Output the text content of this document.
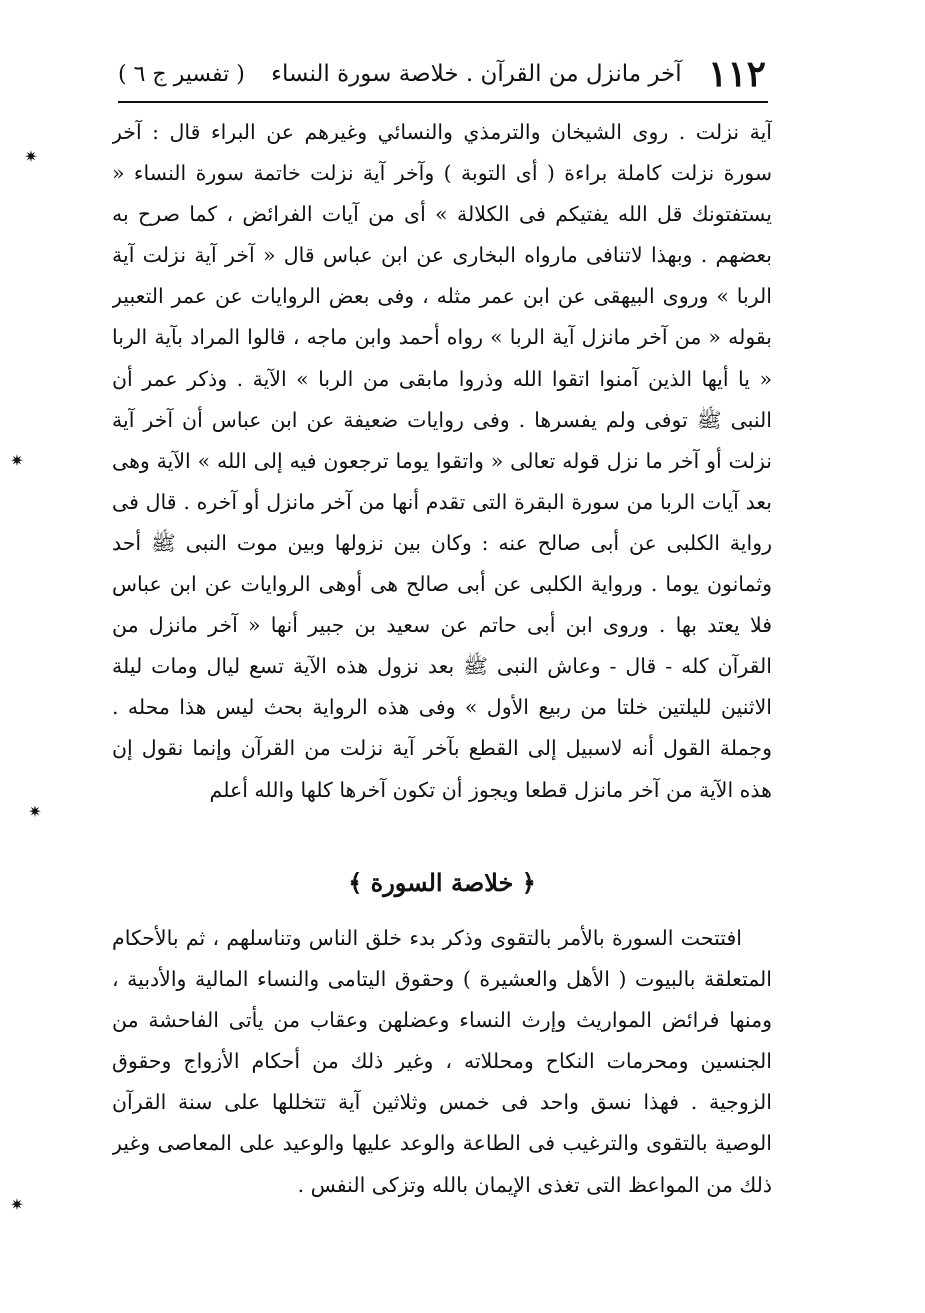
١١٢
آخر مانزل من القرآن . خلاصة سورة النساء
( تفسير ج ٦ )

آية نزلت . روى الشيخان والترمذي والنسائي وغيرهم عن البراء قال : آخر سورة نزلت كاملة براءة ( أى التوبة ) وآخر آية نزلت خاتمة سورة النساء « يستفتونك قل الله يفتيكم فى الكلالة » أى من آيات الفرائض ، كما صرح به بعضهم . وبهذا لاتنافى مارواه البخارى عن ابن عباس قال « آخر آية نزلت آية الربا » وروى البيهقى عن ابن عمر مثله ، وفى بعض الروايات عن عمر التعبير بقوله « من آخر مانزل آية الربا » رواه أحمد وابن ماجه ، قالوا المراد بآية الربا « يا أيها الذين آمنوا اتقوا الله وذروا مابقى من الربا » الآية . وذكر عمر أن النبى ﷺ توفى ولم يفسرها . وفى روايات ضعيفة عن ابن عباس أن آخر آية نزلت أو آخر ما نزل قوله تعالى « واتقوا يوما ترجعون فيه إلى الله » الآية وهى بعد آيات الربا من سورة البقرة التى تقدم أنها من آخر مانزل أو آخره . قال فى رواية الكلبى عن أبى صالح عنه : وكان بين نزولها وبين موت النبى ﷺ أحد وثمانون يوما . ورواية الكلبى عن أبى صالح هى أوهى الروايات عن ابن عباس فلا يعتد بها . وروى ابن أبى حاتم عن سعيد بن جبير أنها « آخر مانزل من القرآن كله - قال - وعاش النبى ﷺ بعد نزول هذه الآية تسع ليال ومات ليلة الاثنين لليلتين خلتا من ربيع الأول » وفى هذه الرواية بحث ليس هذا محله . وجملة القول أنه لاسبيل إلى القطع بآخر آية نزلت من القرآن وإنما نقول إن هذه الآية من آخر مانزل قطعا ويجوز أن تكون آخرها كلها والله أعلم

﴿ خلاصة السورة ﴾

افتتحت السورة بالأمر بالتقوى وذكر بدء خلق الناس وتناسلهم ، ثم بالأحكام المتعلقة بالبيوت ( الأهل والعشيرة ) وحقوق اليتامى والنساء المالية والأدبية ، ومنها فرائض المواريث وإرث النساء وعضلهن وعقاب من يأتى الفاحشة من الجنسين ومحرمات النكاح ومحللاته ، وغير ذلك من أحكام الأزواج وحقوق الزوجية . فهذا نسق واحد فى خمس وثلاثين آية تتخللها على سنة القرآن الوصية بالتقوى والترغيب فى الطاعة والوعد عليها والوعيد على المعاصى وغير ذلك من المواعظ التى تغذى الإيمان بالله وتزكى النفس .

✷
✷
✷
✷
